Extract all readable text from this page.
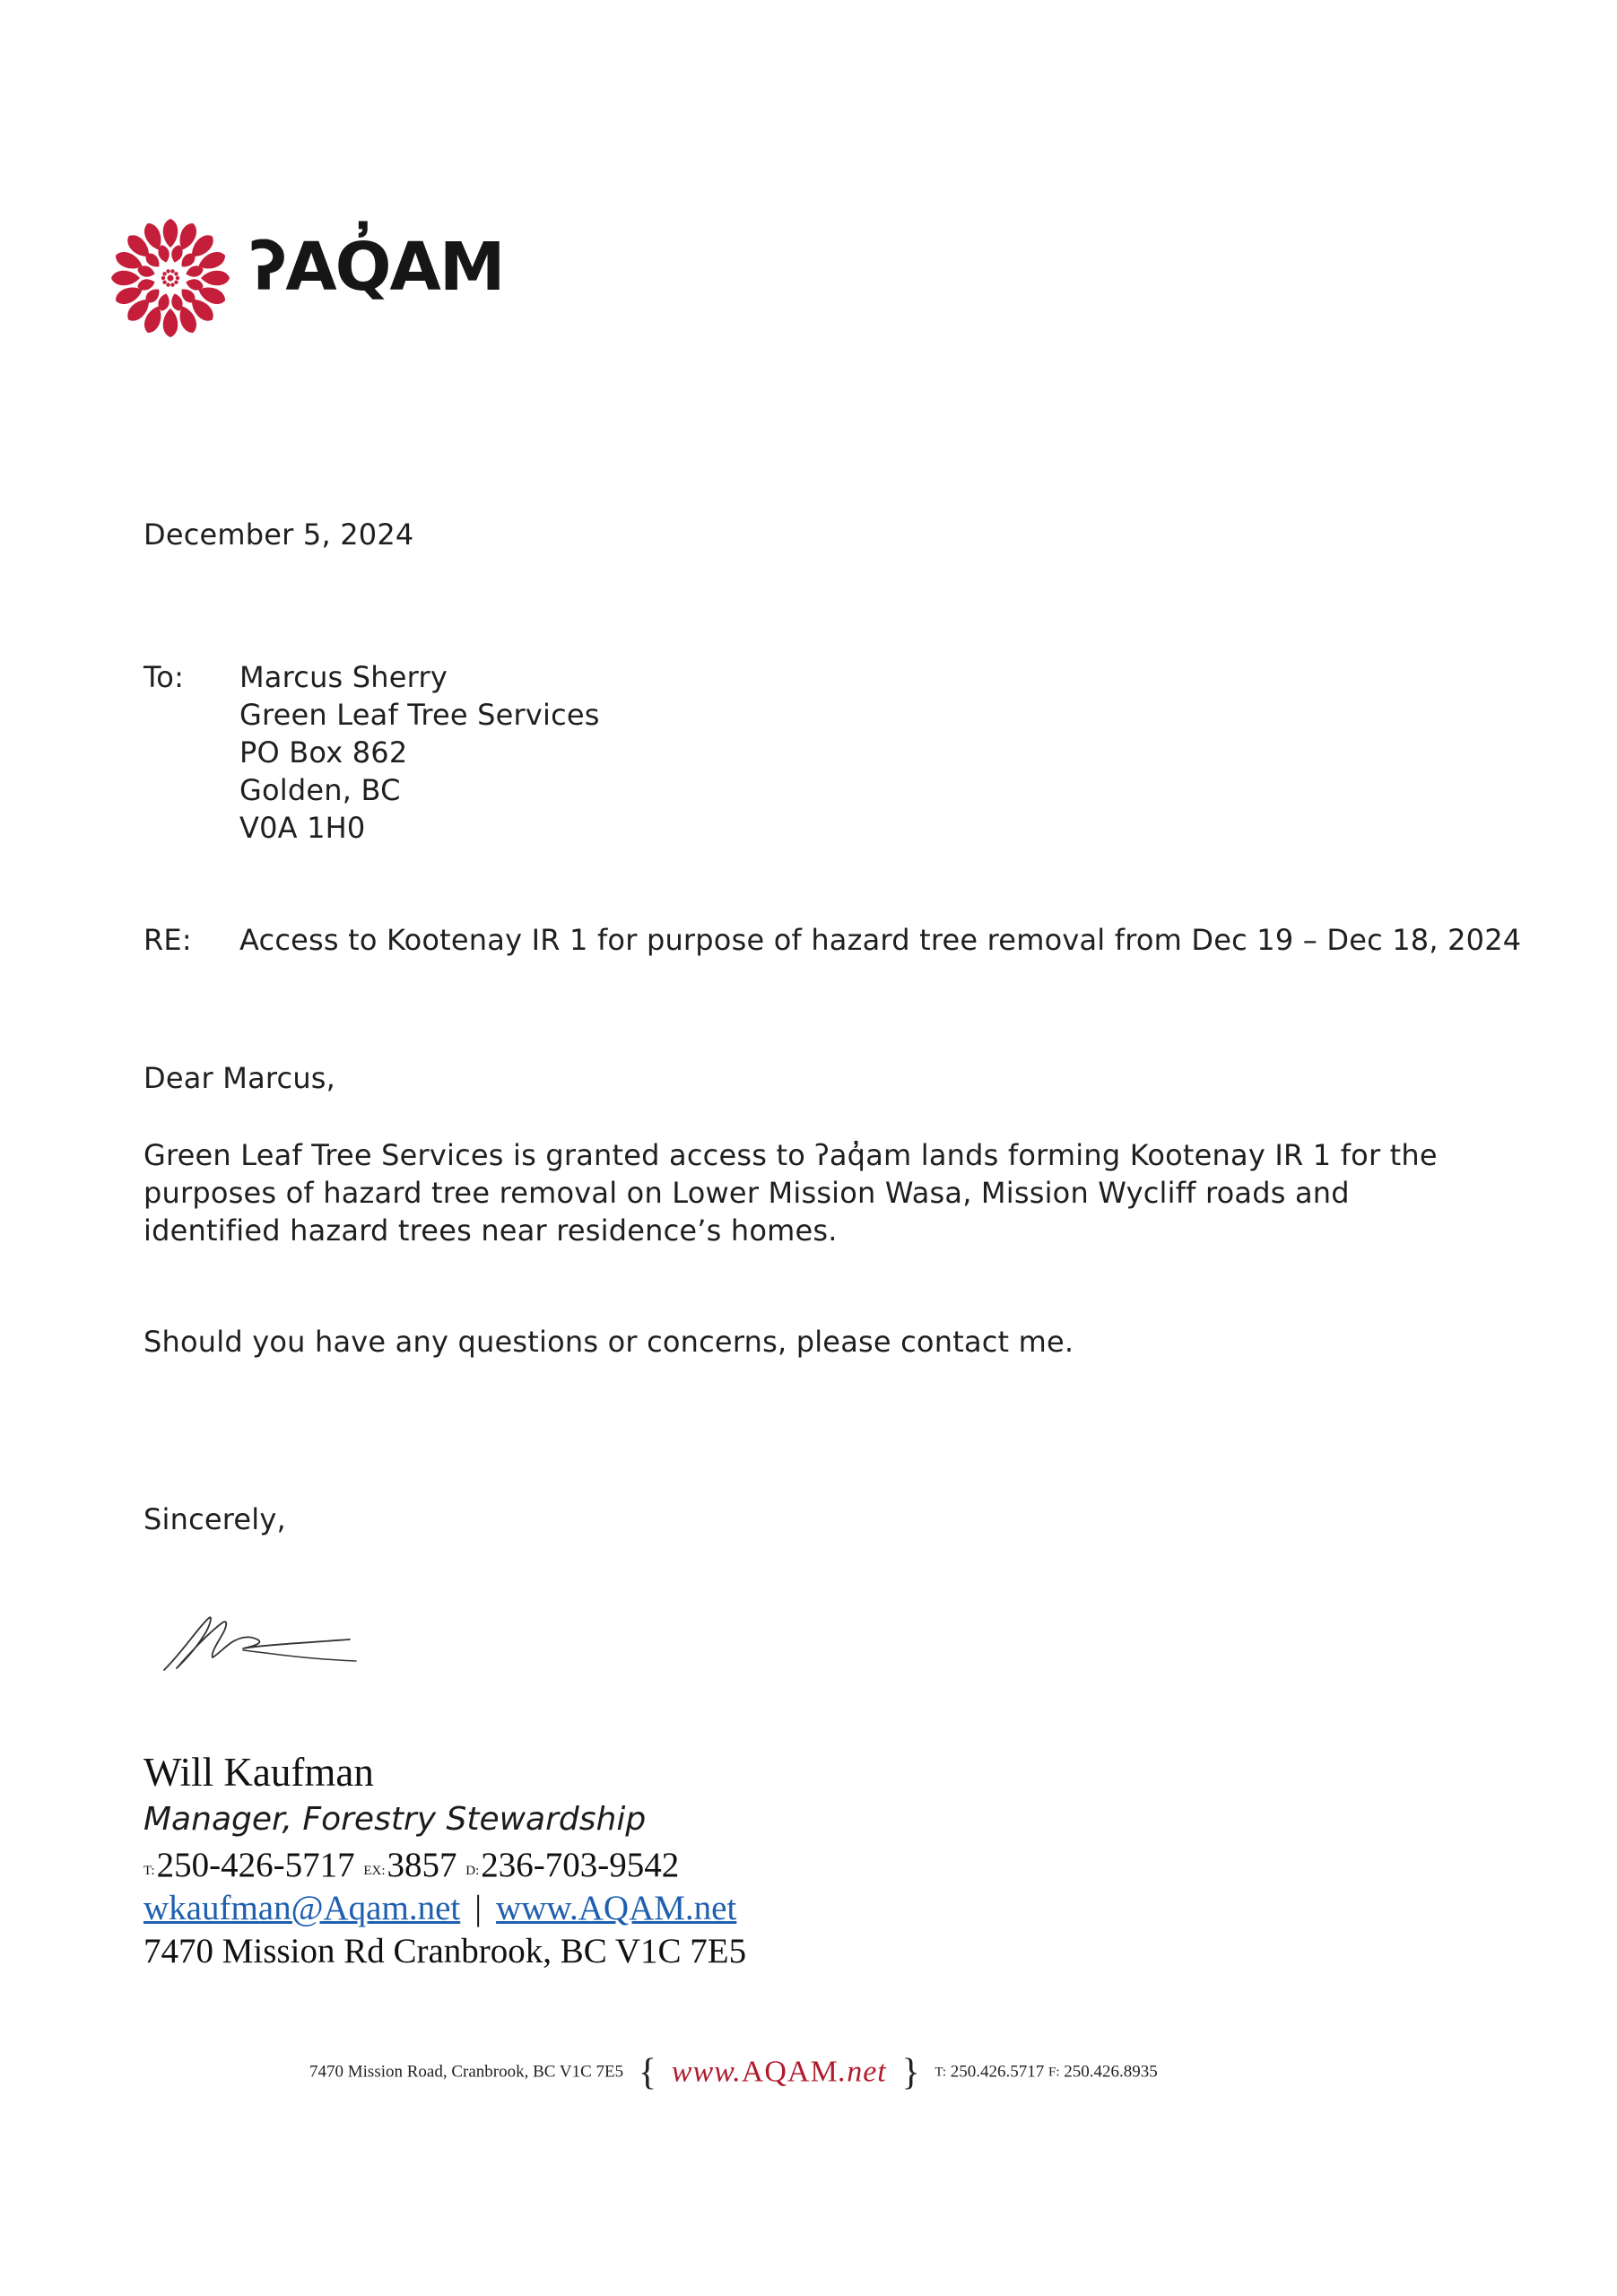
ʔAQ̓AM
December 5, 2024
To: Marcus Sherry
Green Leaf Tree Services
PO Box 862
Golden, BC
V0A 1H0
RE: Access to Kootenay IR 1 for purpose of hazard tree removal from Dec 19 – Dec 18, 2024
Dear Marcus,
Green Leaf Tree Services is granted access to ʔaq̓am lands forming Kootenay IR 1 for the purposes of hazard tree removal on Lower Mission Wasa, Mission Wycliff roads and identified hazard trees near residence’s homes.
Should you have any questions or concerns, please contact me.
Sincerely,
Will Kaufman
Manager, Forestry Stewardship
$^{T:}$250-426-5717 $^{EX:}$3857 $^{D:}$236-703-9542
wkaufman@Aqam.net | www.AQAM.net
7470 Mission Rd Cranbrook, BC V1C 7E5
7470 Mission Road, Cranbrook, BC V1C 7E5 { www.AQAM.net } T: 250.426.5717 F: 250.426.8935
